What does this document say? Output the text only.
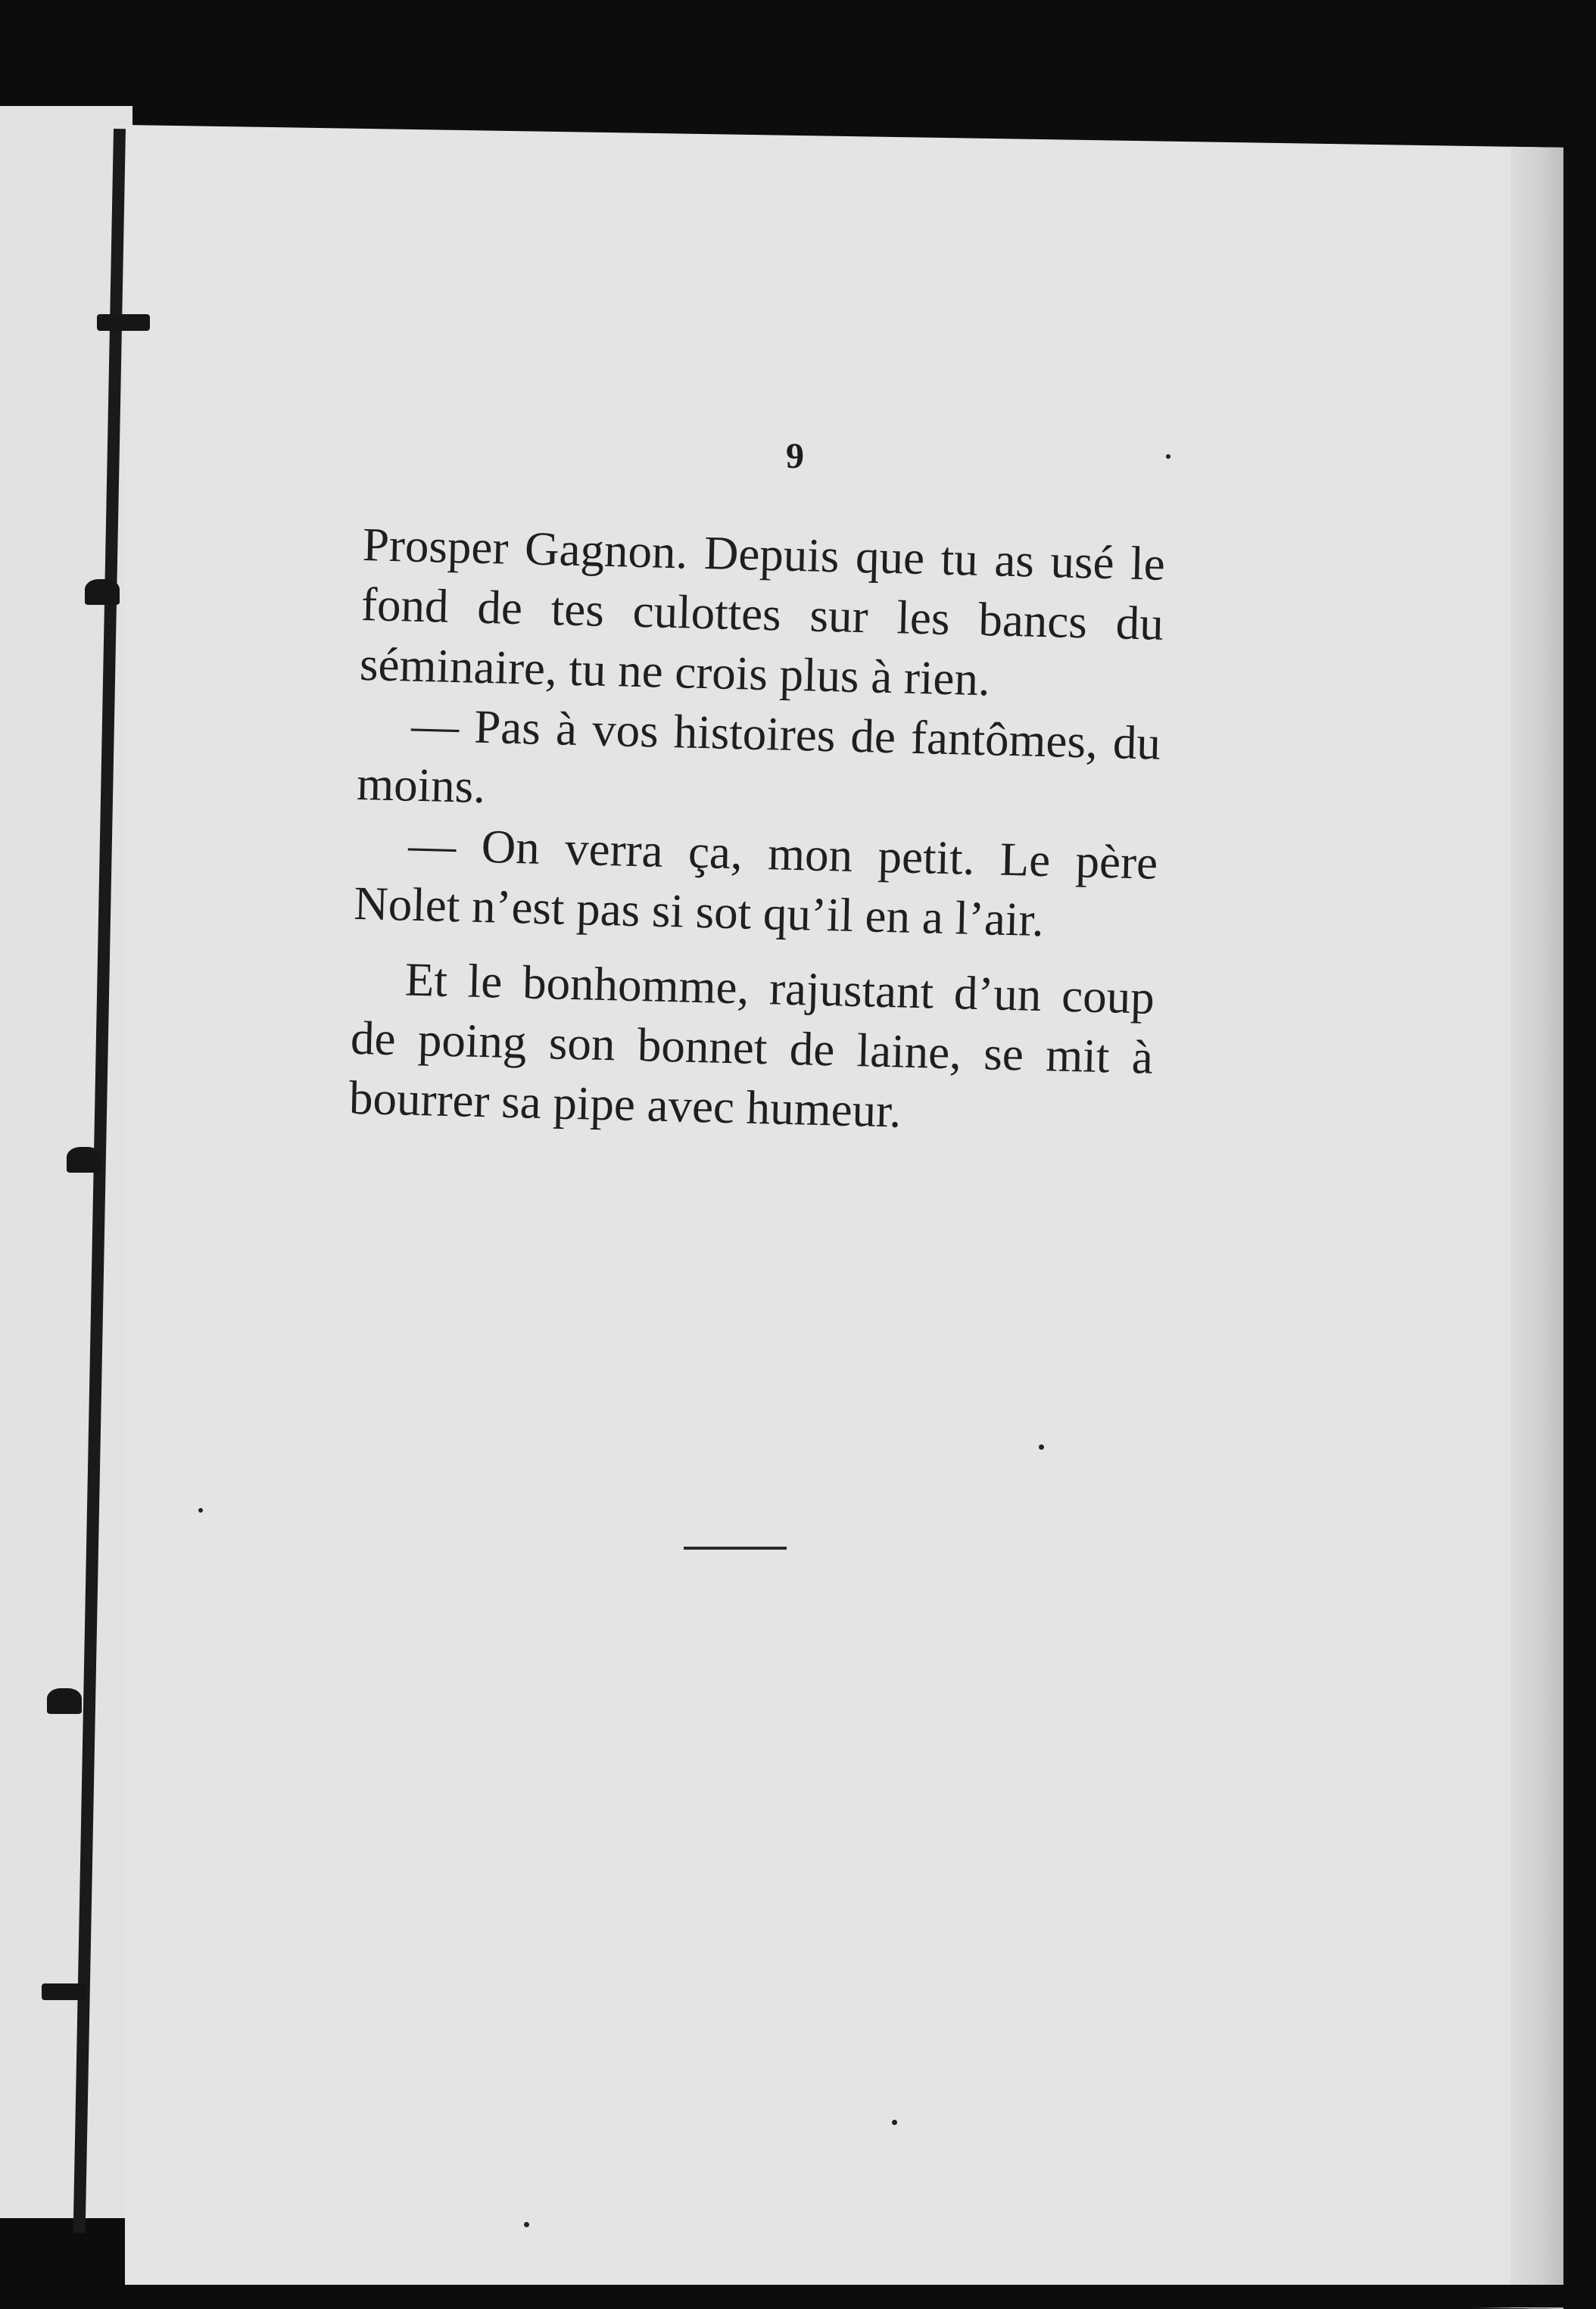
9

Prosper Gagnon. Depuis que tu as usé le fond de tes culottes sur les bancs du séminaire, tu ne crois plus à rien.

— Pas à vos histoires de fantômes, du moins.

— On verra ça, mon petit. Le père Nolet n’est pas si sot qu’il en a l’air.

Et le bonhomme, rajustant d’un coup de poing son bonnet de laine, se mit à bourrer sa pipe avec humeur.
